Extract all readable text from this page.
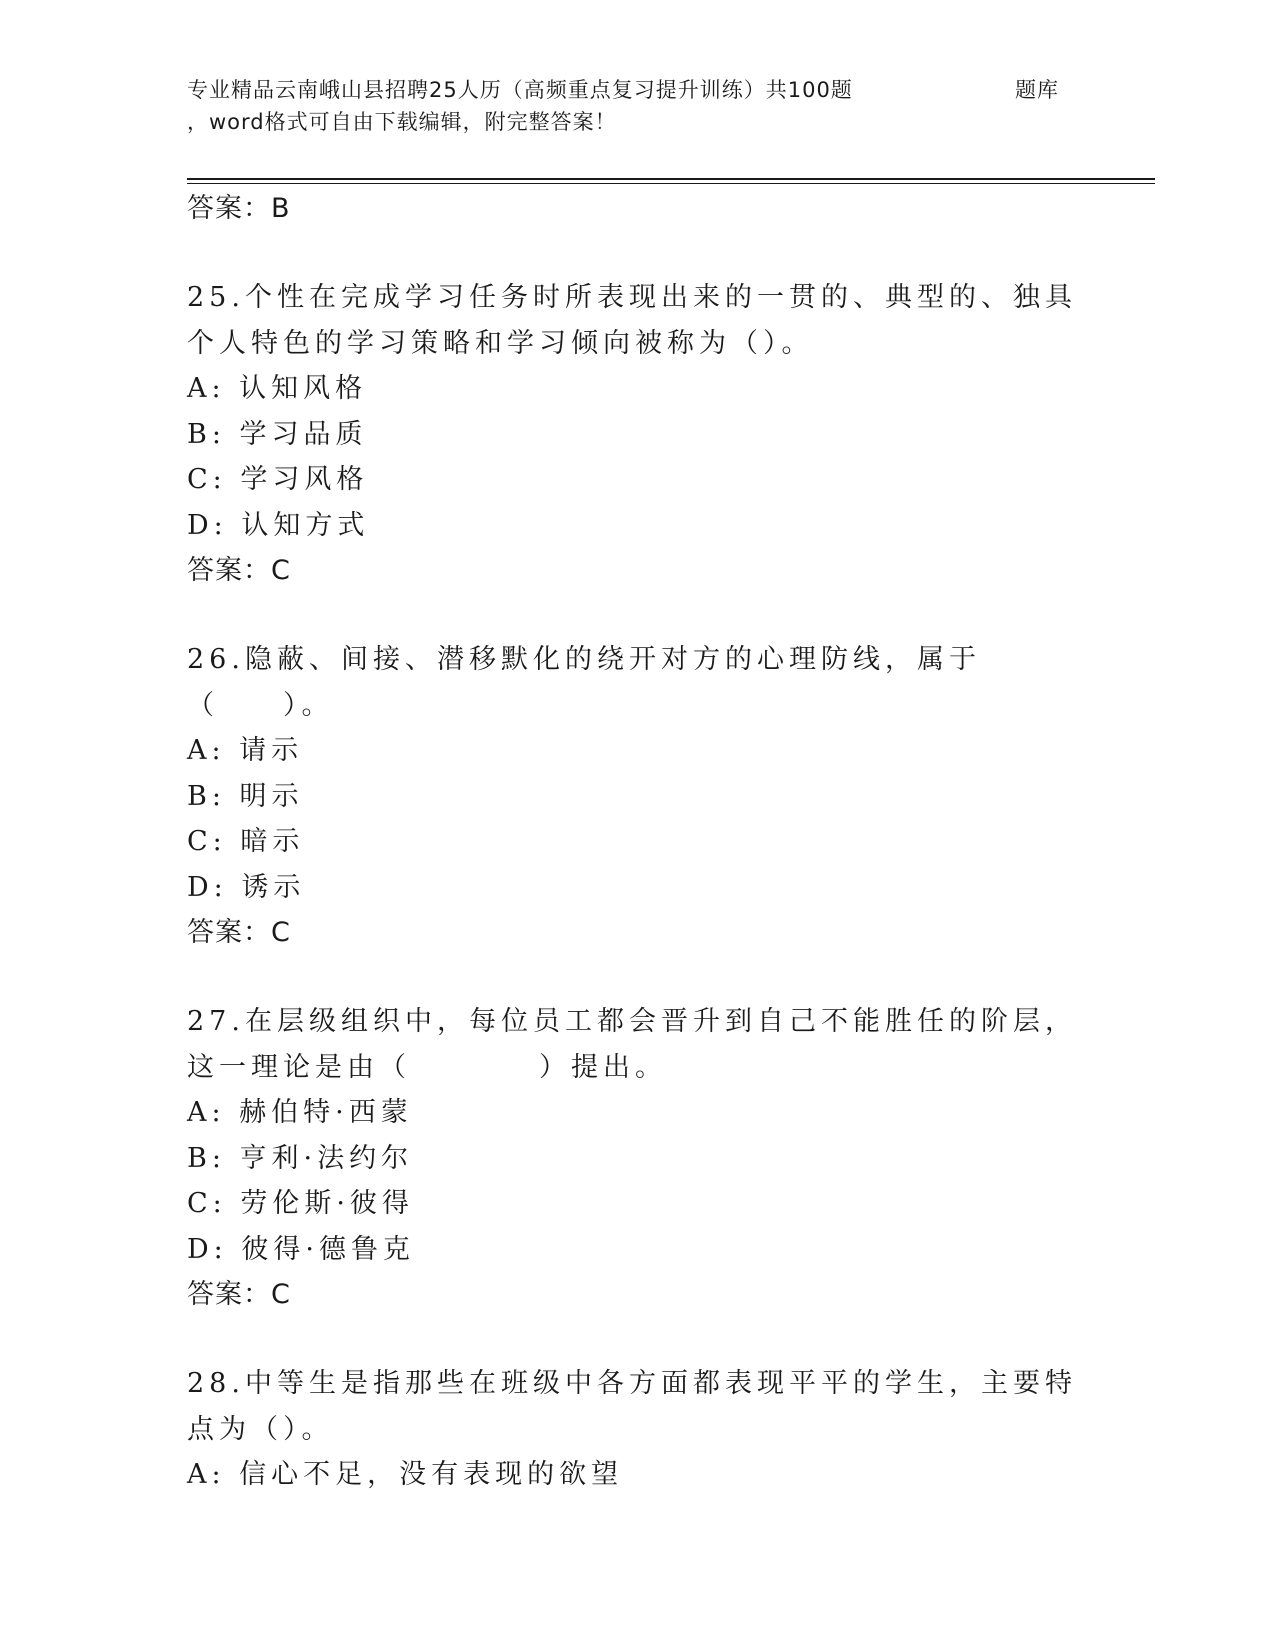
专业精品云南峨山县招聘25人历（高频重点复习提升训练）共100题	题库
，word格式可自由下载编辑，附完整答案！
答案：B

25.个性在完成学习任务时所表现出来的一贯的、典型的、独具个人特色的学习策略和学习倾向被称为（）。

A: 认知风格
B: 学习品质
C: 学习风格
D: 认知方式
答案：C

26.隐蔽、间接、潜移默化的绕开对方的心理防线，属于（　　）。

A: 请示
B: 明示
C: 暗示
D: 诱示
答案：C

27.在层级组织中，每位员工都会晋升到自己不能胜任的阶层，这一理论是由（　　　　）提出。

A: 赫伯特·西蒙
B: 亨利·法约尔
C: 劳伦斯·彼得
D: 彼得·德鲁克
答案：C

28.中等生是指那些在班级中各方面都表现平平的学生，主要特点为（）。

A: 信心不足，没有表现的欲望
